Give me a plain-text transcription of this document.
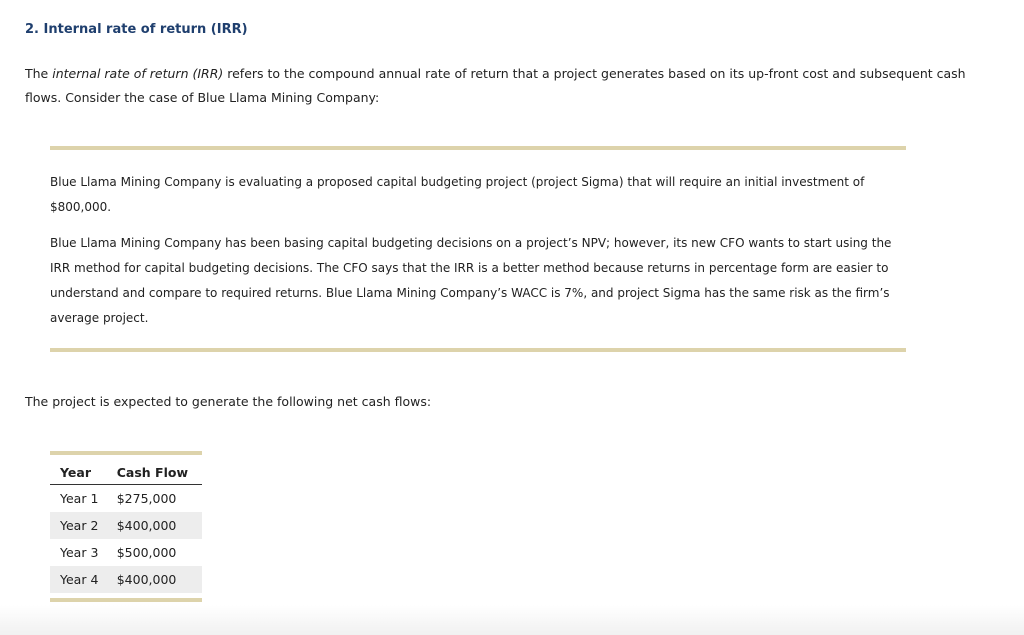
2. Internal rate of return (IRR)
The internal rate of return (IRR) refers to the compound annual rate of return that a project generates based on its up-front cost and subsequent cash flows. Consider the case of Blue Llama Mining Company:
Blue Llama Mining Company is evaluating a proposed capital budgeting project (project Sigma) that will require an initial investment of $800,000.
Blue Llama Mining Company has been basing capital budgeting decisions on a project’s NPV; however, its new CFO wants to start using the IRR method for capital budgeting decisions. The CFO says that the IRR is a better method because returns in percentage form are easier to understand and compare to required returns. Blue Llama Mining Company’s WACC is 7%, and project Sigma has the same risk as the firm’s average project.
The project is expected to generate the following net cash flows:
Year	Cash Flow
Year 1	$275,000
Year 2	$400,000
Year 3	$500,000
Year 4	$400,000
